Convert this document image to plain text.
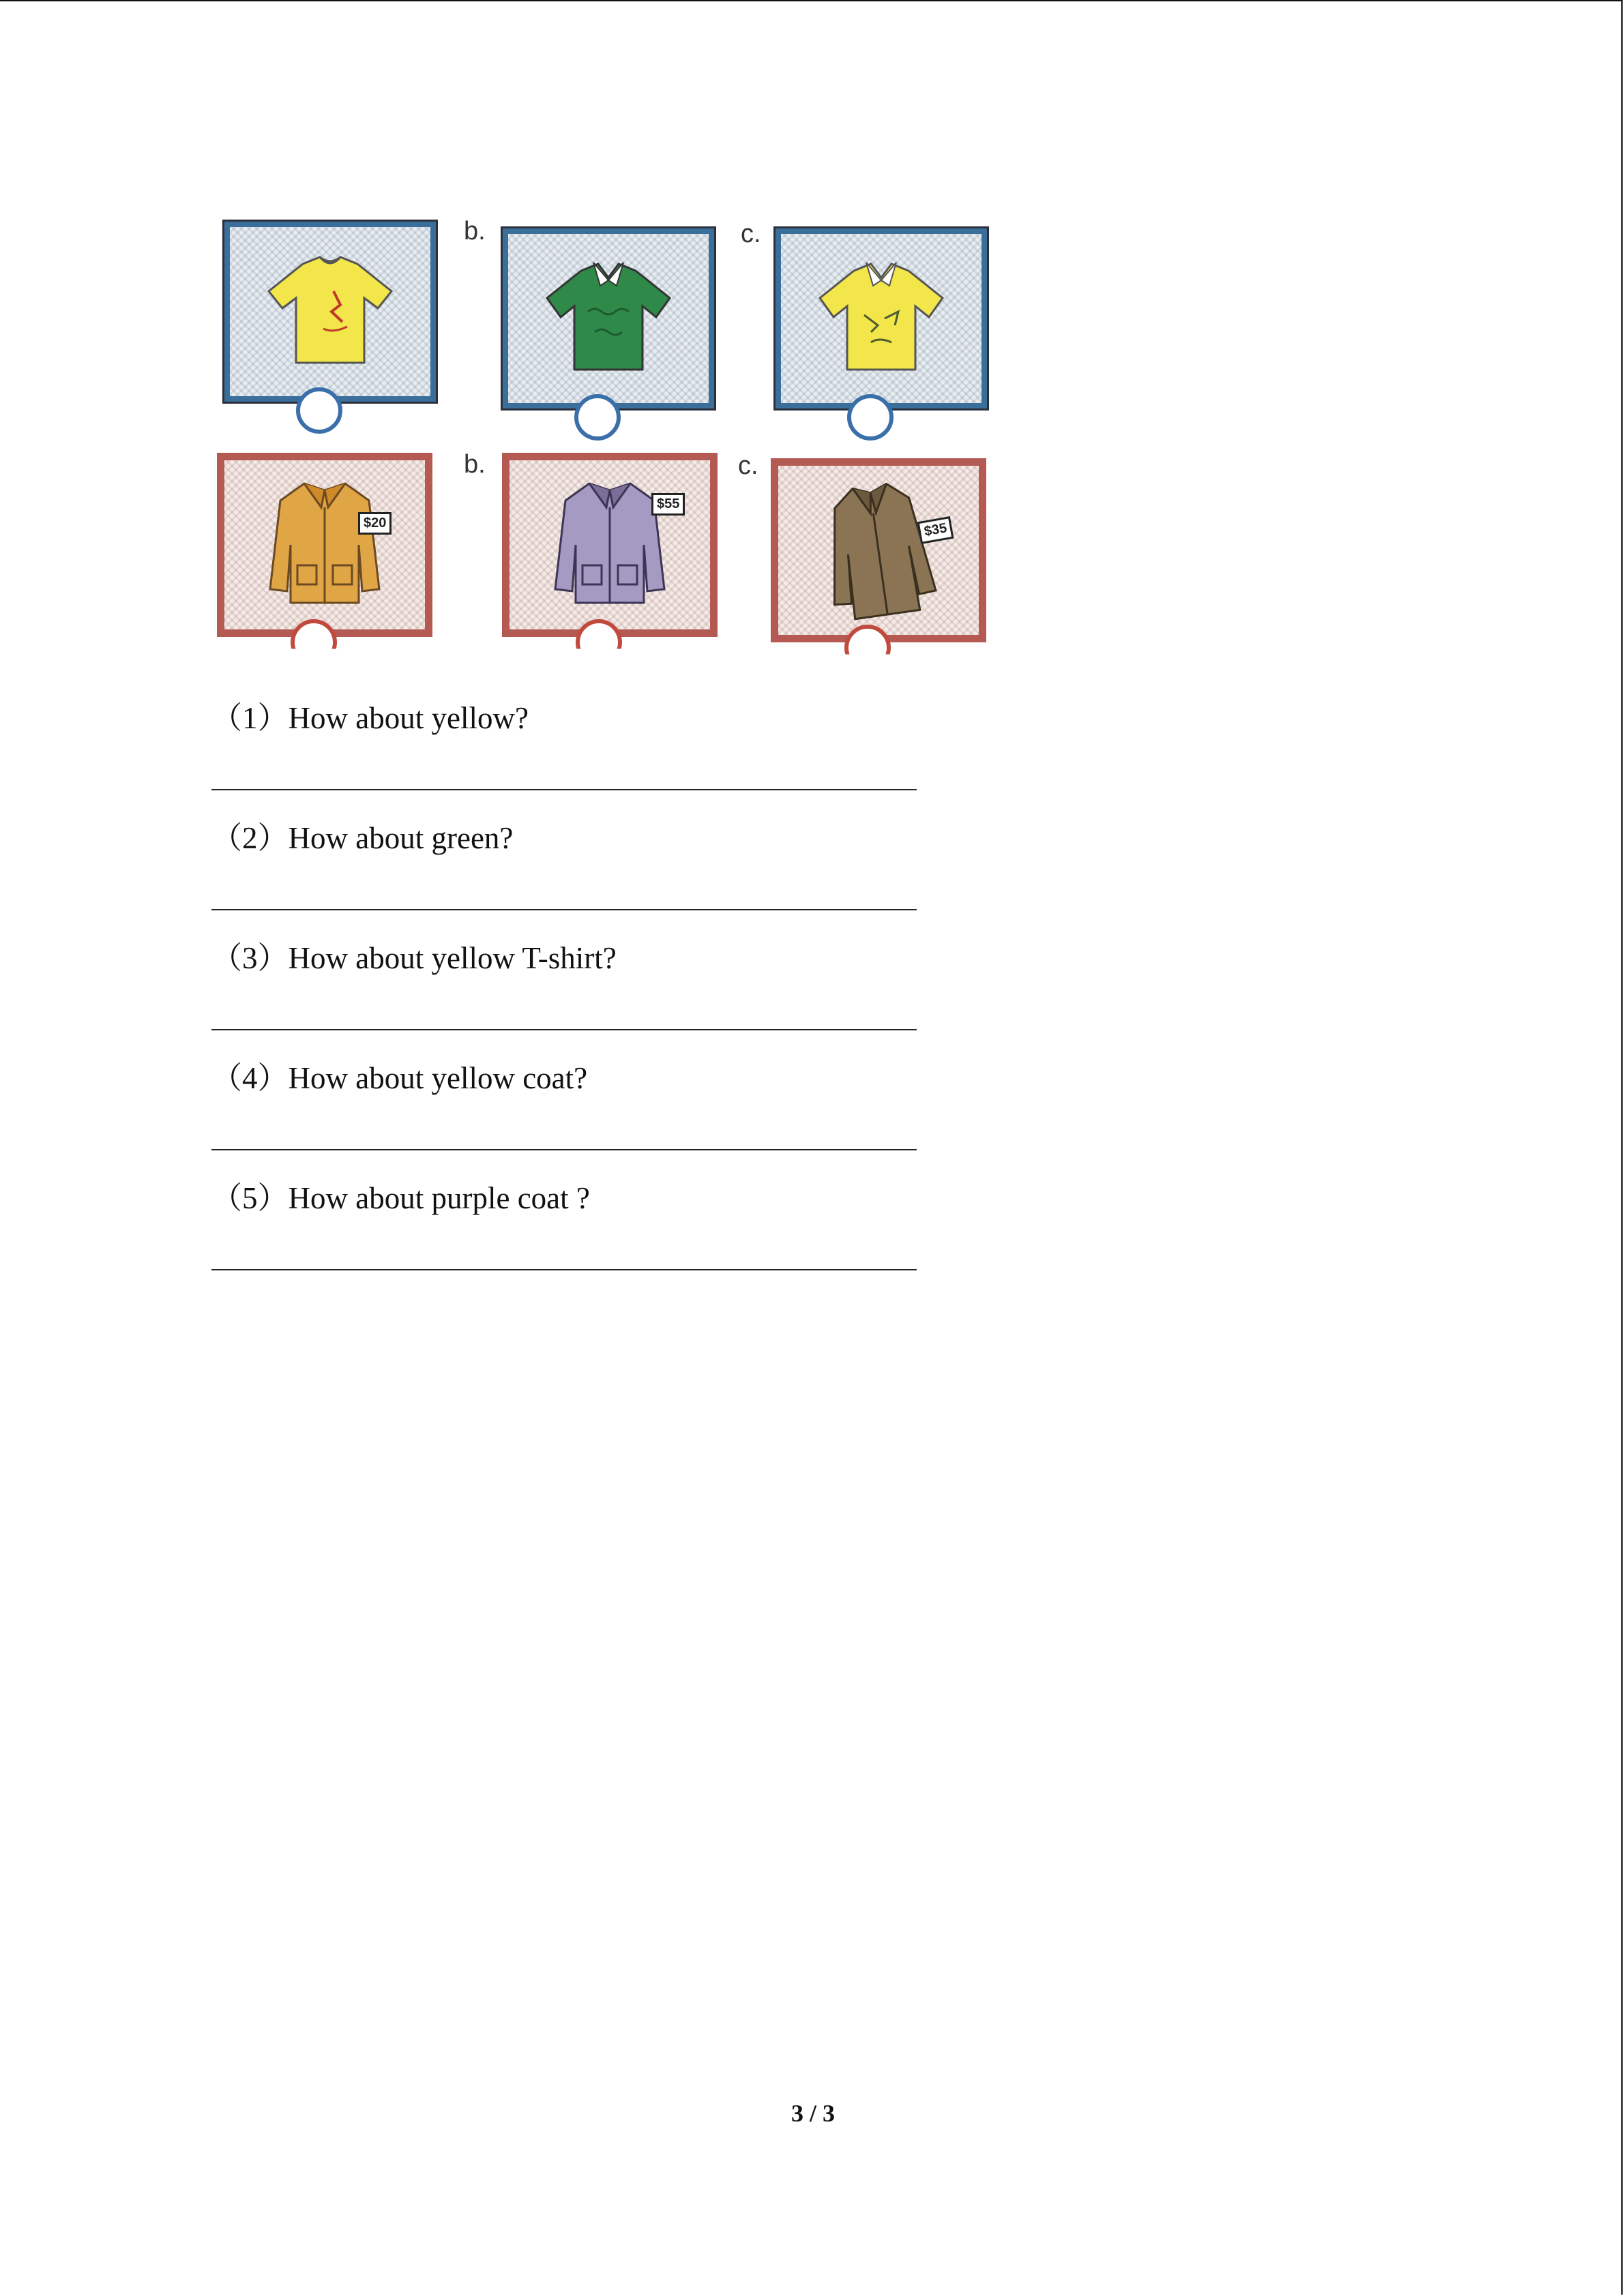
b.	c.
$20
b.
$55
c.
$35
（1）How about yellow?
（2）How about green?
（3）How about yellow T-shirt?
（4）How about yellow coat?
（5）How about purple coat ?
3 / 3
